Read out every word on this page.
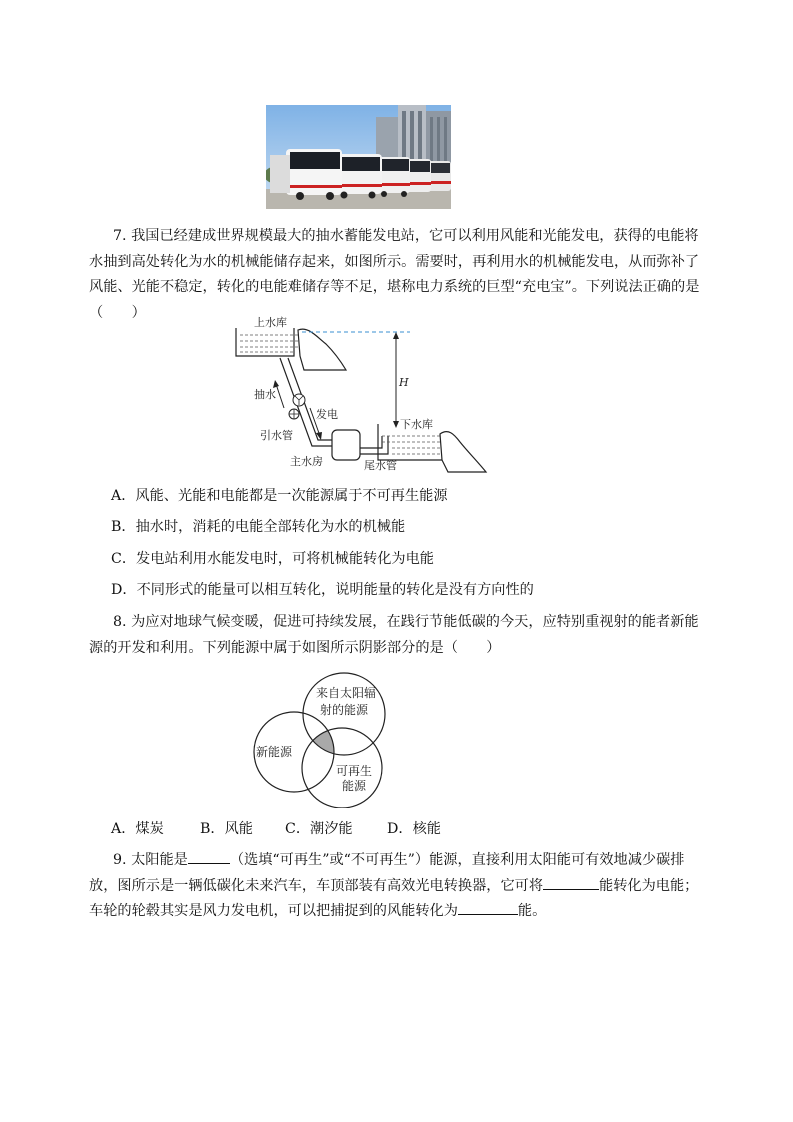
7. 我国已经建成世界规模最大的抽水蓄能发电站，它可以利用风能和光能发电，获得的电能将水抽到高处转化为水的机械能储存起来，如图所示。需要时，再利用水的机械能发电，从而弥补了风能、光能不稳定，转化的电能难储存等不足，堪称电力系统的巨型“充电宝”。下列说法正确的是（　　）

上水库
H
抽水
发电
引水管
主水房	尾水管
下水库

A．风能、光能和电能都是一次能源属于不可再生能源

B．抽水时，消耗的电能全部转化为水的机械能

C．发电站利用水能发电时，可将机械能转化为电能

D．不同形式的能量可以相互转化，说明能量的转化是没有方向性的

8. 为应对地球气候变暖，促进可持续发展，在践行节能低碳的今天，应特别重视射的能者新能源的开发和利用。下列能源中属于如图所示阴影部分的是（　　）

来自太阳辐
射的能源
新能源
可再生
能源

A．煤炭	B．风能 C．潮汐能 D．核能

9. 太阳能是	（选填“可再生”或“不可再生”）能源，直接利用太阳能可有效地减少碳排放，图所示是一辆低碳化未来汽车，车顶部装有高效光电转换器，它可将	能转化为电能；车轮的轮毂其实是风力发电机，可以把捕捉到的风能转化为	能。
